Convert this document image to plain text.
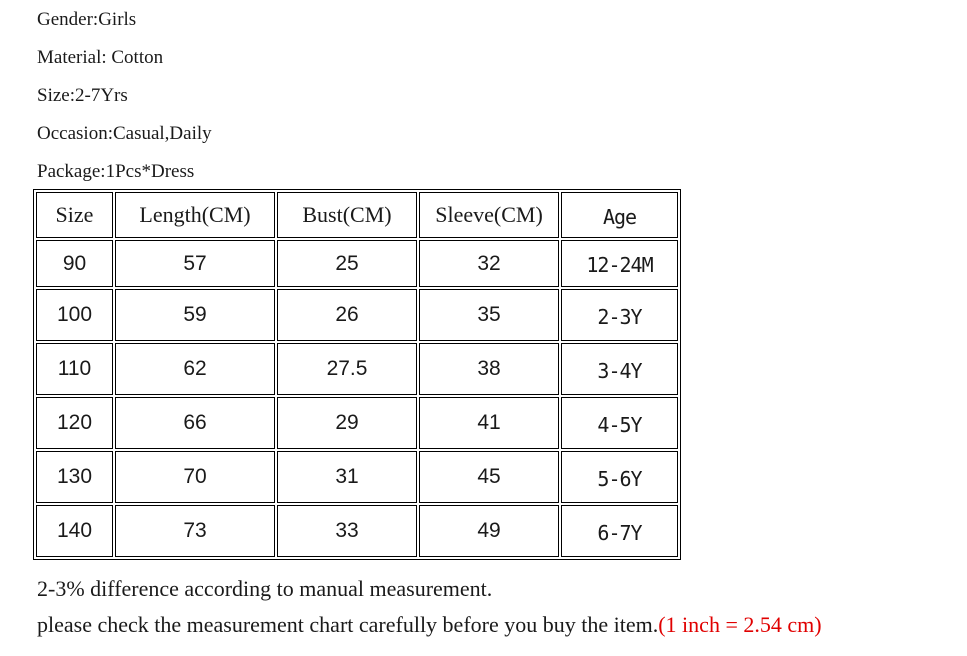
Gender:Girls
Material: Cotton
Size:2-7Yrs
Occasion:Casual,Daily
Package:1Pcs*Dress
Size	Length(CM)	Bust(CM)	Sleeve(CM)	Age
90	57	25	32	12-24M
100	59	26	35	2-3Y
110	62	27.5	38	3-4Y
120	66	29	41	4-5Y
130	70	31	45	5-6Y
140	73	33	49	6-7Y
2-3% difference according to manual measurement.
please check the measurement chart carefully before you buy the item.(1 inch = 2.54 cm)
